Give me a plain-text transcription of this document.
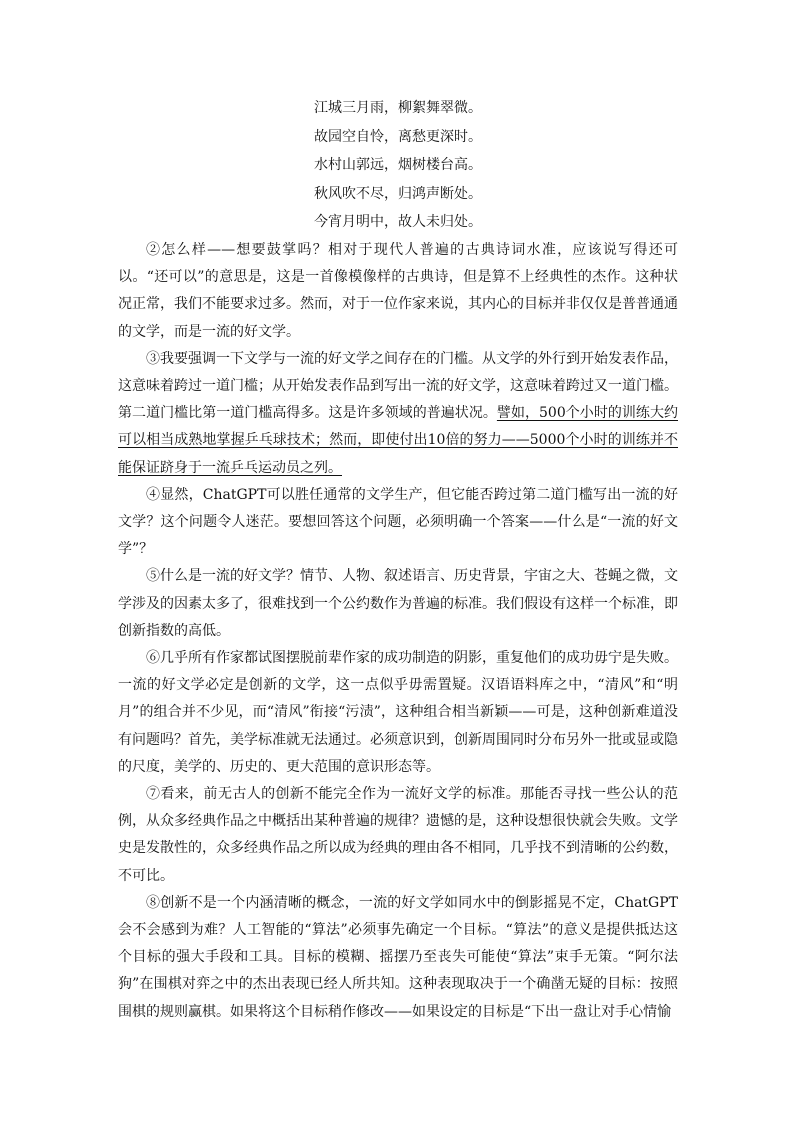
江城三月雨，柳絮舞翠微。
故园空自怜，离愁更深时。
水村山郭远，烟树楼台高。
秋风吹不尽，归鸿声断处。
今宵月明中，故人未归处。

②怎么样——想要鼓掌吗？相对于现代人普遍的古典诗词水准，应该说写得还可以。“还可以”的意思是，这是一首像模像样的古典诗，但是算不上经典性的杰作。这种状况正常，我们不能要求过多。然而，对于一位作家来说，其内心的目标并非仅仅是普普通通的文学，而是一流的好文学。

③我要强调一下文学与一流的好文学之间存在的门槛。从文学的外行到开始发表作品，这意味着跨过一道门槛；从开始发表作品到写出一流的好文学，这意味着跨过又一道门槛。第二道门槛比第一道门槛高得多。这是许多领域的普遍状况。譬如，500个小时的训练大约可以相当成熟地掌握乒乓球技术；然而，即使付出10倍的努力——5000个小时的训练并不能保证跻身于一流乒乓运动员之列。

④显然，ChatGPT可以胜任通常的文学生产，但它能否跨过第二道门槛写出一流的好文学？这个问题令人迷茫。要想回答这个问题，必须明确一个答案——什么是“一流的好文学”？

⑤什么是一流的好文学？情节、人物、叙述语言、历史背景，宇宙之大、苍蝇之微，文学涉及的因素太多了，很难找到一个公约数作为普遍的标准。我们假设有这样一个标准，即创新指数的高低。

⑥几乎所有作家都试图摆脱前辈作家的成功制造的阴影，重复他们的成功毋宁是失败。一流的好文学必定是创新的文学，这一点似乎毋需置疑。汉语语料库之中，“清风”和“明月”的组合并不少见，而“清风”衔接“污渍”，这种组合相当新颖——可是，这种创新难道没有问题吗？首先，美学标准就无法通过。必须意识到，创新周围同时分布另外一批或显或隐的尺度，美学的、历史的、更大范围的意识形态等。

⑦看来，前无古人的创新不能完全作为一流好文学的标准。那能否寻找一些公认的范例，从众多经典作品之中概括出某种普遍的规律？遗憾的是，这种设想很快就会失败。文学史是发散性的，众多经典作品之所以成为经典的理由各不相同，几乎找不到清晰的公约数，不可比。

⑧创新不是一个内涵清晰的概念，一流的好文学如同水中的倒影摇晃不定，ChatGPT会不会感到为难？人工智能的“算法”必须事先确定一个目标。“算法”的意义是提供抵达这个目标的强大手段和工具。目标的模糊、摇摆乃至丧失可能使“算法”束手无策。“阿尔法狗”在围棋对弈之中的杰出表现已经人所共知。这种表现取决于一个确凿无疑的目标：按照围棋的规则赢棋。如果将这个目标稍作修改——如果设定的目标是“下出一盘让对手心情愉
